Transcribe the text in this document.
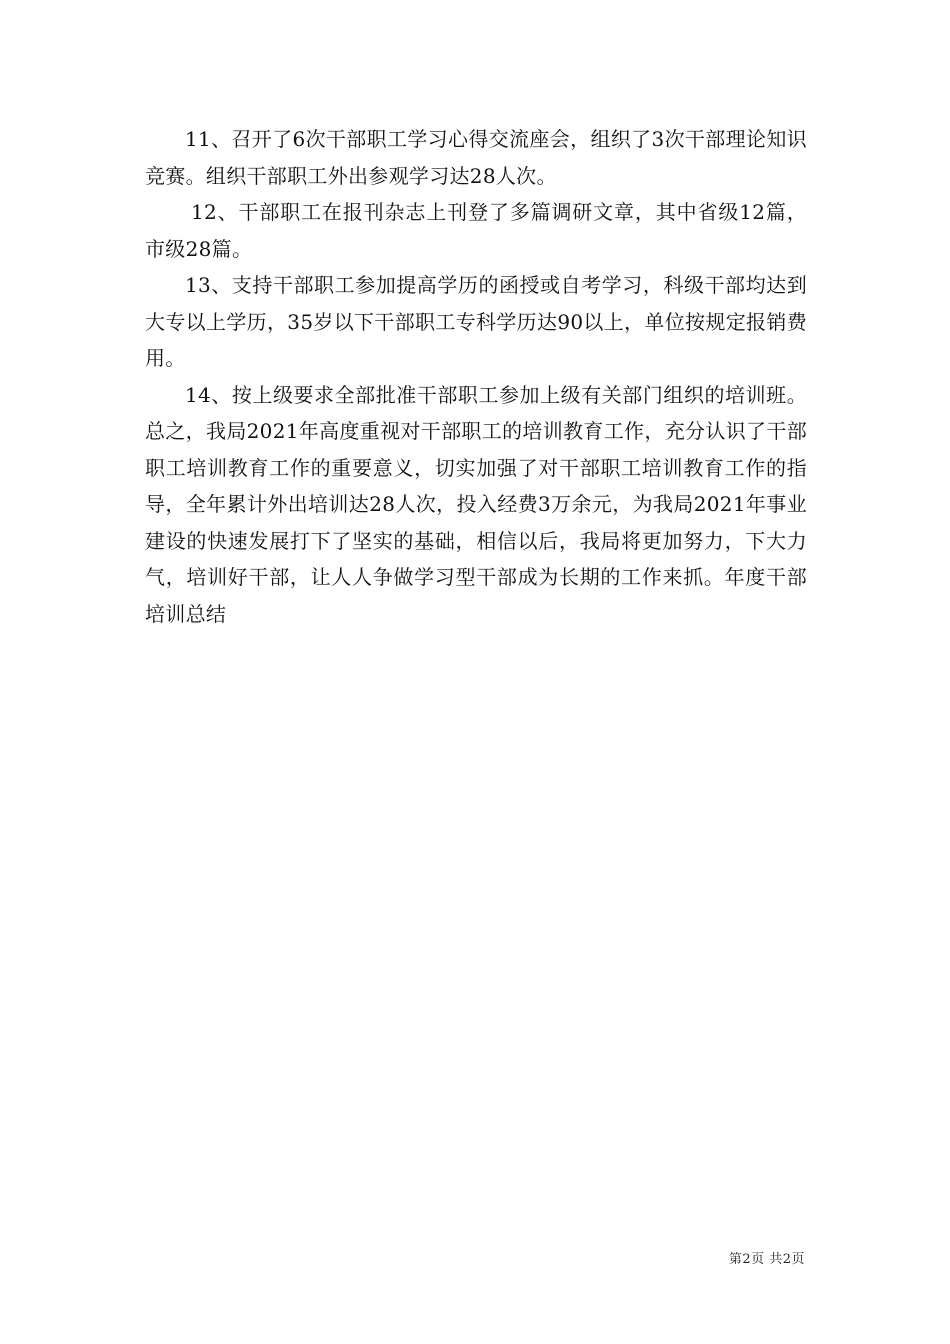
11、召开了6次干部职工学习心得交流座会，组织了3次干部理论知识竞赛。组织干部职工外出参观学习达28人次。

12、干部职工在报刊杂志上刊登了多篇调研文章，其中省级12篇，市级28篇。

13、支持干部职工参加提高学历的函授或自考学习，科级干部均达到大专以上学历，35岁以下干部职工专科学历达90以上，单位按规定报销费用。

14、按上级要求全部批准干部职工参加上级有关部门组织的培训班。总之，我局2021年高度重视对干部职工的培训教育工作，充分认识了干部职工培训教育工作的重要意义，切实加强了对干部职工培训教育工作的指导，全年累计外出培训达28人次，投入经费3万余元，为我局2021年事业建设的快速发展打下了坚实的基础，相信以后，我局将更加努力，下大力气，培训好干部，让人人争做学习型干部成为长期的工作来抓。年度干部培训总结

第2页 共2页
